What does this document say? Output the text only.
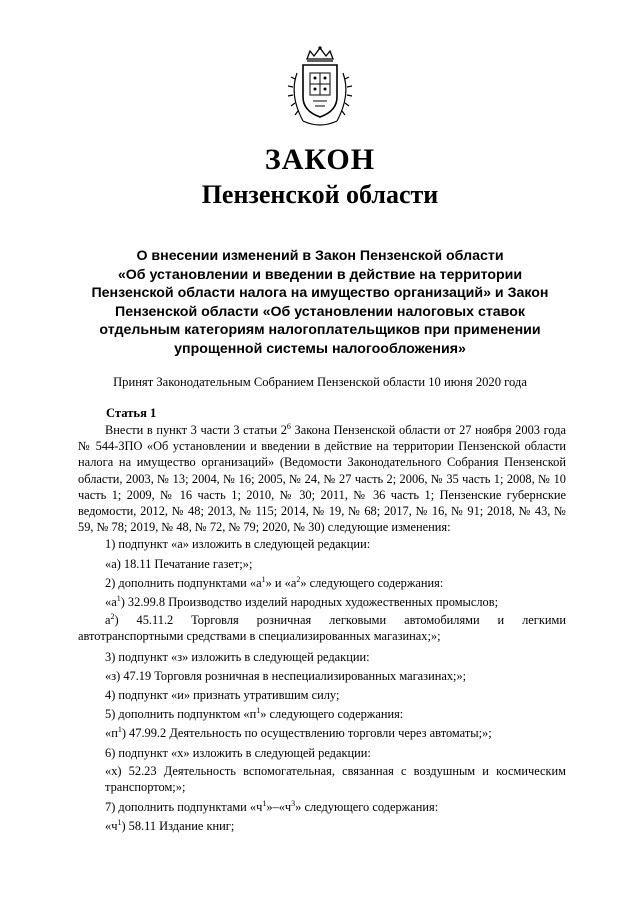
ЗАКОН
Пензенской области
О внесении изменений в Закон Пензенской области
«Об установлении и введении в действие на территории
Пензенской области налога на имущество организаций» и Закон
Пензенской области «Об установлении налоговых ставок
отдельным категориям налогоплательщиков при применении
упрощенной системы налогообложения»
Принят Законодательным Собранием Пензенской области 10 июня 2020 года
Статья 1

Внести в пункт 3 части 3 статьи $2^6$ Закона Пензенской области от 27 ноября 2003 года № 544-ЗПО «Об установлении и введении в действие на территории Пензенской области налога на имущество организаций» (Ведомости Законодательного Собрания Пензенской области, 2003, № 13; 2004, № 16; 2005, № 24, № 27 часть 2; 2006, № 35 часть 1; 2008, № 10 часть 1; 2009, № 16 часть 1; 2010, № 30; 2011, № 36 часть 1; Пензенские губернские ведомости, 2012, № 48; 2013, № 115; 2014, № 19, № 68; 2017, № 16, № 91; 2018, № 43, № 59, № 78; 2019, № 48, № 72, № 79; 2020, № 30) следующие изменения:

1) подпункт «а» изложить в следующей редакции:
«а) 18.11 Печатание газет;»;
2) дополнить подпунктами «$а^1$» и «$а^2$» следующего содержания:
«$а^1$) 32.99.8 Производство изделий народных художественных промыслов;
$а^2$) 45.11.2 Торговля розничная легковыми автомобилями и легкими автотранспортными средствами в специализированных магазинах;»;
3) подпункт «з» изложить в следующей редакции:
«з) 47.19 Торговля розничная в неспециализированных магазинах;»;
4) подпункт «и» признать утратившим силу;
5) дополнить подпунктом «$п^1$» следующего содержания:
«$п^1$) 47.99.2 Деятельность по осуществлению торговли через автоматы;»;
6) подпункт «х» изложить в следующей редакции:
«х) 52.23 Деятельность вспомогательная, связанная с воздушным и космическим транспортом;»;
7) дополнить подпунктами «$ч^1»-«ч^3$» следующего содержания:
«$ч^1$) 58.11 Издание книг;
